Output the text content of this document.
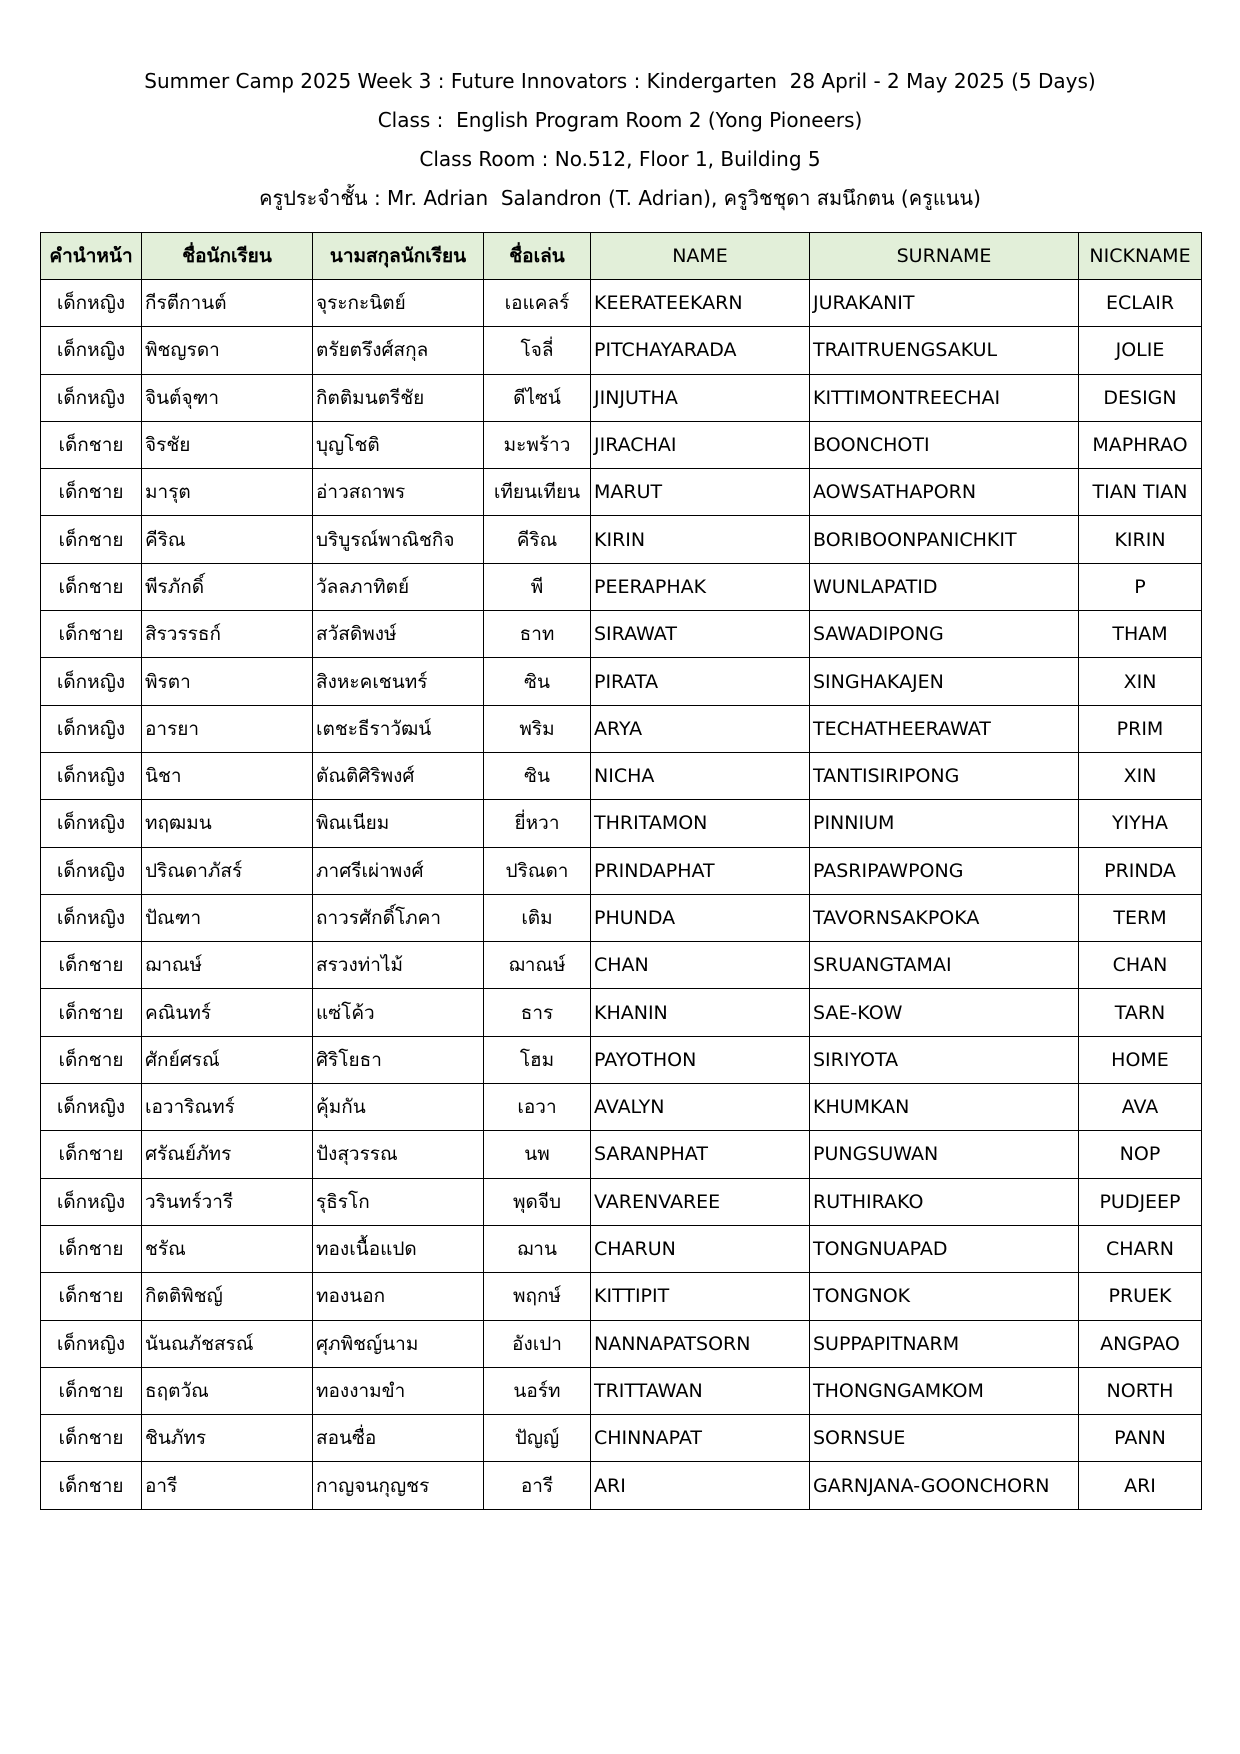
Summer Camp 2025 Week 3 : Future Innovators : Kindergarten  28 April - 2 May 2025 (5 Days)
Class :  English Program Room 2 (Yong Pioneers)
Class Room : No.512, Floor 1, Building 5
ครูประจำชั้น : Mr. Adrian  Salandron (T. Adrian), ครูวิชชุดา สมนึกตน (ครูแนน)
คำนำหน้า	ชื่อนักเรียน	นามสกุลนักเรียน	ชื่อเล่น	NAME	SURNAME	NICKNAME
เด็กหญิง	กีรตีกานต์	จุระกะนิตย์	เอแคลร์	KEERATEEKARN	JURAKANIT	ECLAIR
เด็กหญิง	พิชญรดา	ตรัยตรึงศ์สกุล	โจลี่	PITCHAYARADA	TRAITRUENGSAKUL	JOLIE
เด็กหญิง	จินต์จุฑา	กิตติมนตรีชัย	ดีไซน์	JINJUTHA	KITTIMONTREECHAI	DESIGN
เด็กชาย	จิรชัย	บุญโชติ	มะพร้าว	JIRACHAI	BOONCHOTI	MAPHRAO
เด็กชาย	มารุต	อ่าวสถาพร	เทียนเทียน	MARUT	AOWSATHAPORN	TIAN TIAN
เด็กชาย	คีริณ	บริบูรณ์พาณิชกิจ	คีริณ	KIRIN	BORIBOONPANICHKIT	KIRIN
เด็กชาย	พีรภักดิ์	วัลลภาทิตย์	พี	PEERAPHAK	WUNLAPATID	P
เด็กชาย	สิรวรรธก์	สวัสดิพงษ์	ธาท	SIRAWAT	SAWADIPONG	THAM
เด็กหญิง	พิรตา	สิงหะคเชนทร์	ซิน	PIRATA	SINGHAKAJEN	XIN
เด็กหญิง	อารยา	เตชะธีราวัฒน์	พริม	ARYA	TECHATHEERAWAT	PRIM
เด็กหญิง	นิชา	ตัณติศิริพงศ์	ซิน	NICHA	TANTISIRIPONG	XIN
เด็กหญิง	ทฤฒมน	พิณเนียม	ยี่หวา	THRITAMON	PINNIUM	YIYHA
เด็กหญิง	ปริณดาภัสร์	ภาศรีเผ่าพงศ์	ปริณดา	PRINDAPHAT	PASRIPAWPONG	PRINDA
เด็กหญิง	ปัณฑา	ถาวรศักดิ์โภคา	เติม	PHUNDA	TAVORNSAKPOKA	TERM
เด็กชาย	ฌาณษ์	สรวงท่าไม้	ฌาณษ์	CHAN	SRUANGTAMAI	CHAN
เด็กชาย	คณินทร์	แซ่โค้ว	ธาร	KHANIN	SAE-KOW	TARN
เด็กชาย	ศักย์ศรณ์	ศิริโยธา	โฮม	PAYOTHON	SIRIYOTA	HOME
เด็กหญิง	เอวาริณทร์	คุ้มกัน	เอวา	AVALYN	KHUMKAN	AVA
เด็กชาย	ศรัณย์ภัทร	ปังสุวรรณ	นพ	SARANPHAT	PUNGSUWAN	NOP
เด็กหญิง	วรินทร์วารี	รุธิรโก	พุดจีบ	VARENVAREE	RUTHIRAKO	PUDJEEP
เด็กชาย	ชรัณ	ทองเนื้อแปด	ฌาน	CHARUN	TONGNUAPAD	CHARN
เด็กชาย	กิตติพิชญ์	ทองนอก	พฤกษ์	KITTIPIT	TONGNOK	PRUEK
เด็กหญิง	นันณภัชสรณ์	ศุภพิชญ์นาม	อังเปา	NANNAPATSORN	SUPPAPITNARM	ANGPAO
เด็กชาย	ธฤตวัณ	ทองงามขำ	นอร์ท	TRITTAWAN	THONGNGAMKOM	NORTH
เด็กชาย	ชินภัทร	สอนซื่อ	ปัญญ์	CHINNAPAT	SORNSUE	PANN
เด็กชาย	อารี	กาญจนกุญชร	อารี	ARI	GARNJANA-GOONCHORN	ARI
